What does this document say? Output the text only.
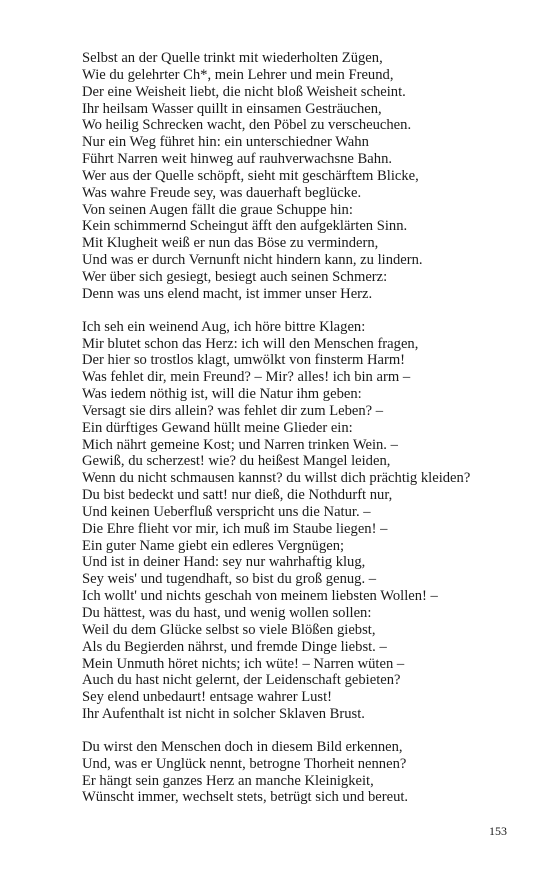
Selbst an der Quelle trinkt mit wiederholten Zügen,
Wie du gelehrter Ch*, mein Lehrer und mein Freund,
Der eine Weisheit liebt, die nicht bloß Weisheit scheint.
Ihr heilsam Wasser quillt in einsamen Gesträuchen,
Wo heilig Schrecken wacht, den Pöbel zu verscheuchen.
Nur ein Weg führet hin: ein unterschiedner Wahn
Führt Narren weit hinweg auf rauhverwachsne Bahn.
Wer aus der Quelle schöpft, sieht mit geschärftem Blicke,
Was wahre Freude sey, was dauerhaft beglücke.
Von seinen Augen fällt die graue Schuppe hin:
Kein schimmernd Scheingut äfft den aufgeklärten Sinn.
Mit Klugheit weiß er nun das Böse zu vermindern,
Und was er durch Vernunft nicht hindern kann, zu lindern.
Wer über sich gesiegt, besiegt auch seinen Schmerz:
Denn was uns elend macht, ist immer unser Herz.
Ich seh ein weinend Aug, ich höre bittre Klagen:
Mir blutet schon das Herz: ich will den Menschen fragen,
Der hier so trostlos klagt, umwölkt von finsterm Harm!
Was fehlet dir, mein Freund? – Mir? alles! ich bin arm –
Was iedem nöthig ist, will die Natur ihm geben:
Versagt sie dirs allein? was fehlet dir zum Leben? –
Ein dürftiges Gewand hüllt meine Glieder ein:
Mich nährt gemeine Kost; und Narren trinken Wein. –
Gewiß, du scherzest! wie? du heißest Mangel leiden,
Wenn du nicht schmausen kannst? du willst dich prächtig kleiden?
Du bist bedeckt und satt! nur dieß, die Nothdurft nur,
Und keinen Ueberfluß verspricht uns die Natur. –
Die Ehre flieht vor mir, ich muß im Staube liegen! –
Ein guter Name giebt ein edleres Vergnügen;
Und ist in deiner Hand: sey nur wahrhaftig klug,
Sey weis' und tugendhaft, so bist du groß genug. –
Ich wollt' und nichts geschah von meinem liebsten Wollen! –
Du hättest, was du hast, und wenig wollen sollen:
Weil du dem Glücke selbst so viele Blößen giebst,
Als du Begierden nährst, und fremde Dinge liebst. –
Mein Unmuth höret nichts; ich wüte! – Narren wüten –
Auch du hast nicht gelernt, der Leidenschaft gebieten?
Sey elend unbedaurt! entsage wahrer Lust!
Ihr Aufenthalt ist nicht in solcher Sklaven Brust.
Du wirst den Menschen doch in diesem Bild erkennen,
Und, was er Unglück nennt, betrogne Thorheit nennen?
Er hängt sein ganzes Herz an manche Kleinigkeit,
Wünscht immer, wechselt stets, betrügt sich und bereut.
153
